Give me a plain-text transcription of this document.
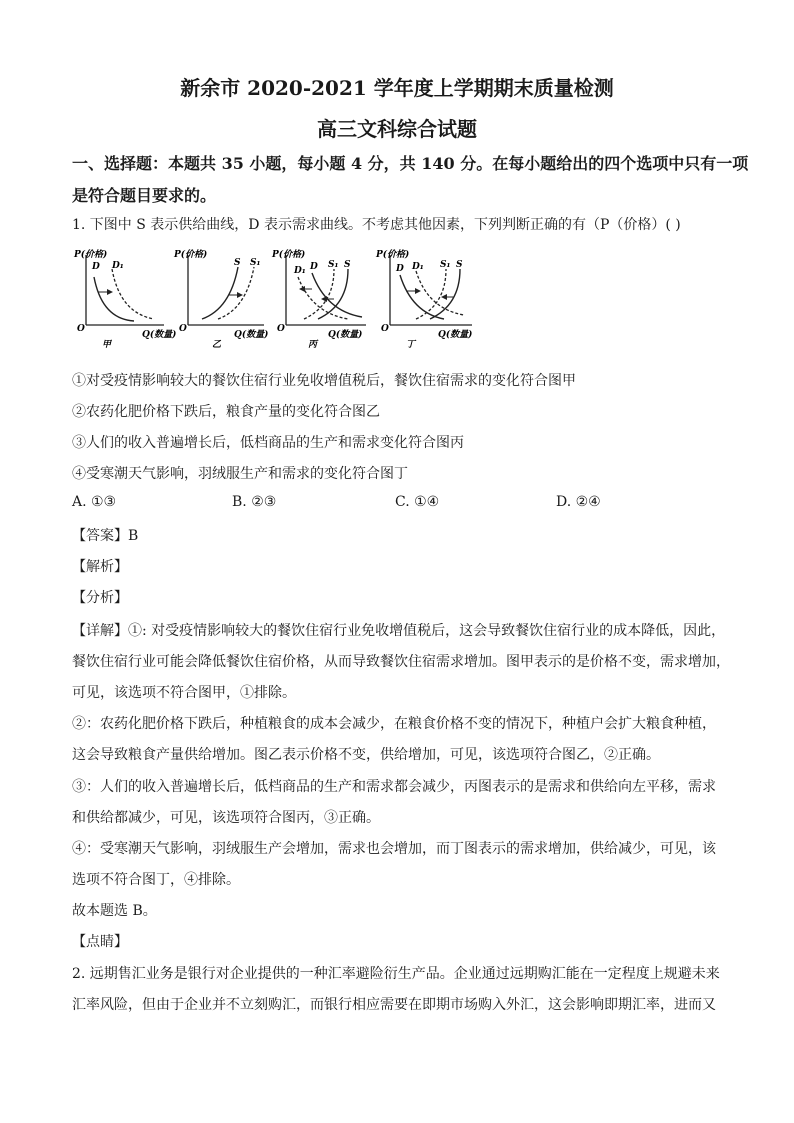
新余市 2020-2021 学年度上学期期末质量检测
高三文科综合试题
一、选择题：本题共 35 小题，每小题 4 分，共 140 分。在每小题给出的四个选项中只有一项
是符合题目要求的。
1. 下图中 S 表示供给曲线，D 表示需求曲线。不考虑其他因素，下列判断正确的有（P（价格）( )
P(价格)
D D₁
O
Q(数量)
甲
P(价格)
S S₁
O
Q(数量)
乙
P(价格)
D₁ D S₁ S
O
Q(数量)
丙
P(价格)
D D₁ S₁ S
O
Q(数量)
丁
①对受疫情影响较大的餐饮住宿行业免收增值税后，餐饮住宿需求的变化符合图甲
②农药化肥价格下跌后，粮食产量的变化符合图乙
③人们的收入普遍增长后，低档商品的生产和需求变化符合图丙
④受寒潮天气影响，羽绒服生产和需求的变化符合图丁
A. ①③	B. ②③	C. ①④	D. ②④
【答案】B
【解析】
【分析】
【详解】①: 对受疫情影响较大的餐饮住宿行业免收增值税后，这会导致餐饮住宿行业的成本降低，因此，
餐饮住宿行业可能会降低餐饮住宿价格，从而导致餐饮住宿需求增加。图甲表示的是价格不变，需求增加，
可见，该选项不符合图甲，①排除。
②：农药化肥价格下跌后，种植粮食的成本会减少，在粮食价格不变的情况下，种植户会扩大粮食种植，
这会导致粮食产量供给增加。图乙表示价格不变，供给增加，可见，该选项符合图乙，②正确。
③：人们的收入普遍增长后，低档商品的生产和需求都会减少，丙图表示的是需求和供给向左平移，需求
和供给都减少，可见，该选项符合图丙，③正确。
④：受寒潮天气影响，羽绒服生产会增加，需求也会增加，而丁图表示的需求增加，供给减少，可见，该
选项不符合图丁，④排除。
故本题选 B。
【点睛】
2. 远期售汇业务是银行对企业提供的一种汇率避险衍生产品。企业通过远期购汇能在一定程度上规避未来
汇率风险，但由于企业并不立刻购汇，而银行相应需要在即期市场购入外汇，这会影响即期汇率，进而又
